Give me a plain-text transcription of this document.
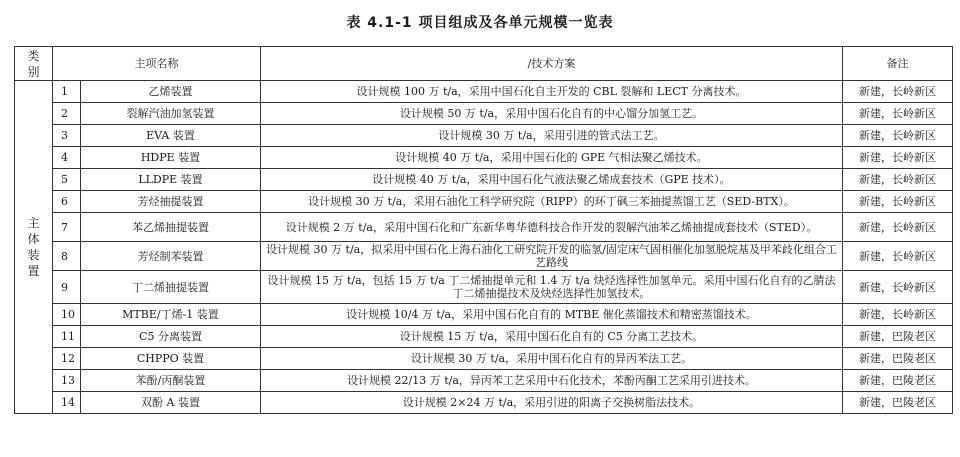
表 4.1-1 项目组成及各单元规模一览表
类别	主项名称		/技术方案	备注
主体装置	1	乙烯装置	设计规模 100 万 t/a，采用中国石化自主开发的 CBL 裂解和 LECT 分离技术。	新建，长岭新区
	2	裂解汽油加氢装置	设计规模 50 万 t/a，采用中国石化自有的中心馏分加氢工艺。	新建，长岭新区
	3	EVA 装置	设计规模 30 万 t/a，采用引进的管式法工艺。	新建，长岭新区
	4	HDPE 装置	设计规模 40 万 t/a，采用中国石化的 GPE 气相法聚乙烯技术。	新建，长岭新区
	5	LLDPE 装置	设计规模 40 万 t/a，采用中国石化气液法聚乙烯成套技术（GPE 技术）。	新建，长岭新区
	6	芳烃抽提装置	设计规模 30 万 t/a，采用石油化工科学研究院（RIPP）的环丁砜三苯抽提蒸馏工艺（SED-BTX）。	新建，长岭新区
	7	苯乙烯抽提装置	设计规模 2 万 t/a，采用中国石化和广东新华粤华德科技合作开发的裂解汽油苯乙烯抽提成套技术（STED）。	新建，长岭新区
	8	芳烃制苯装置	设计规模 30 万 t/a，拟采用中国石化上海石油化工研究院开发的临氢/固定床气固相催化加氢脱烷基及甲苯歧化组合工艺路线	新建，长岭新区
	9	丁二烯抽提装置	设计规模 15 万 t/a，包括 15 万 t/a 丁二烯抽提单元和 1.4 万 t/a 炔烃选择性加氢单元。采用中国石化自有的乙腈法丁二烯抽提技术及炔烃选择性加氢技术。	新建，长岭新区
	10	MTBE/丁烯-1 装置	设计规模 10/4 万 t/a，采用中国石化自有的 MTBE 催化蒸馏技术和精密蒸馏技术。	新建，长岭新区
	11	C5 分离装置	设计规模 15 万 t/a，采用中国石化自有的 C5 分离工艺技术。	新建，巴陵老区
	12	CHPPO 装置	设计规模 30 万 t/a，采用中国石化自有的异丙苯法工艺。	新建，巴陵老区
	13	苯酚/丙酮装置	设计规模 22/13 万 t/a，异丙苯工艺采用中石化技术，苯酚丙酮工艺采用引进技术。	新建，巴陵老区
	14	双酚 A 装置	设计规模 2×24 万 t/a，采用引进的阳离子交换树脂法技术。	新建，巴陵老区
